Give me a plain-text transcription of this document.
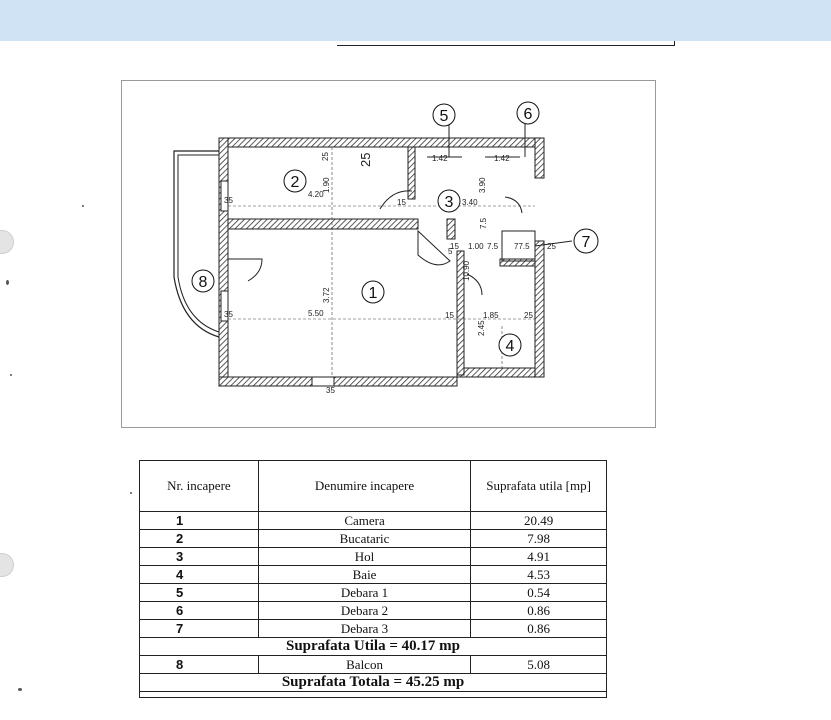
1
2
3
4
5	6
7
8
1.42	1.42
4.20
35	15	3.40
15 1.00 7.5 77.5 25
5
5.50	15	1.85	25
35
35
25
1.90	3.90
7.5
10.90
3.72
2.45
25
Nr. incapere	Denumire incapere	Suprafata utila [mp]
1	Camera	20.49
2	Bucataric	7.98
3	Hol	4.91
4	Baie	4.53
5	Debara 1	0.54
6	Debara 2	0.86
7	Debara 3	0.86
Suprafata Utila = 40.17 mp		
8	Balcon	5.08
Suprafata Totala = 45.25 mp		
